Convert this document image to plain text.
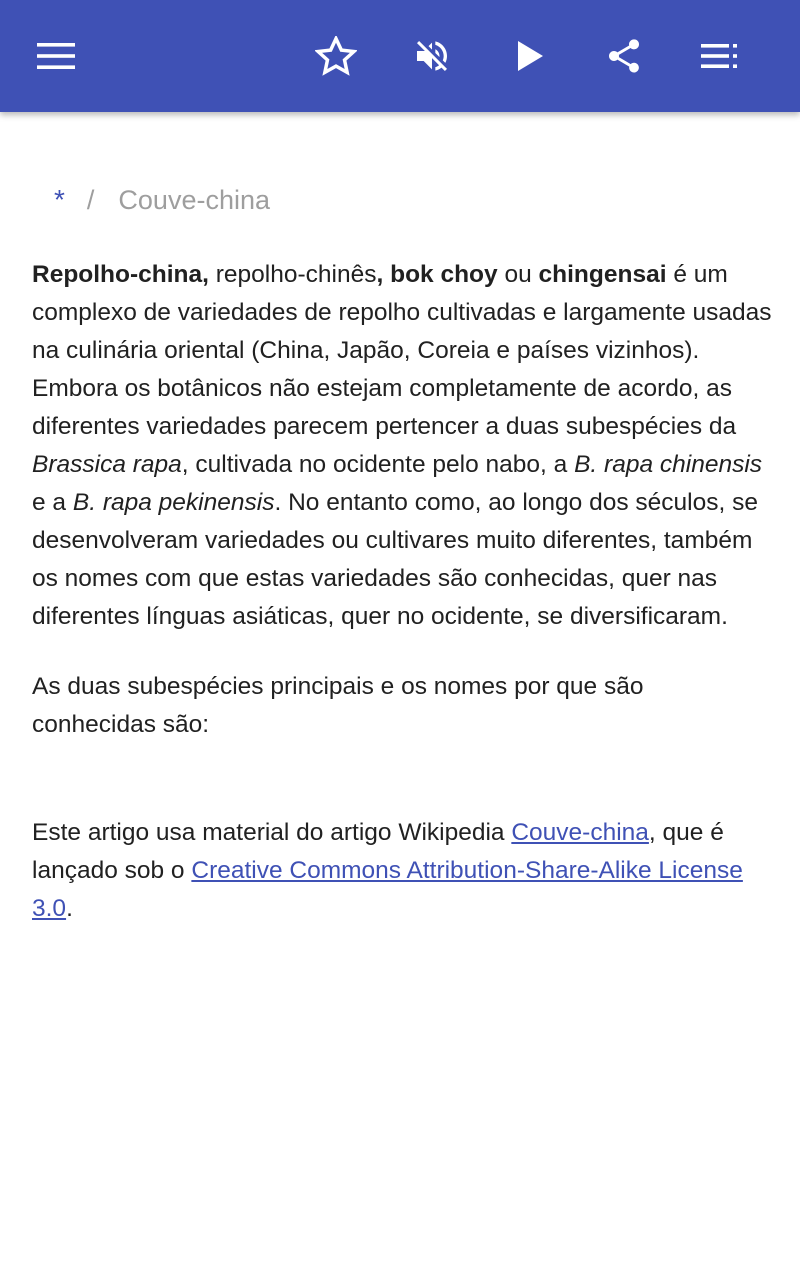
* / Couve-china

Repolho-china, repolho-chinês, bok choy ou chingensai é um complexo de variedades de repolho cultivadas e largamente usadas na culinária oriental (China, Japão, Coreia e países vizinhos). Embora os botânicos não estejam completamente de acordo, as diferentes variedades parecem pertencer a duas subespécies da Brassica rapa, cultivada no ocidente pelo nabo, a B. rapa chinensis e a B. rapa pekinensis. No entanto como, ao longo dos séculos, se desenvolveram variedades ou cultivares muito diferentes, também os nomes com que estas variedades são conhecidas, quer nas diferentes línguas asiáticas, quer no ocidente, se diversificaram.

As duas subespécies principais e os nomes por que são conhecidas são:

Este artigo usa material do artigo Wikipedia Couve-china, que é lançado sob o Creative Commons Attribution-Share-Alike License 3.0.
